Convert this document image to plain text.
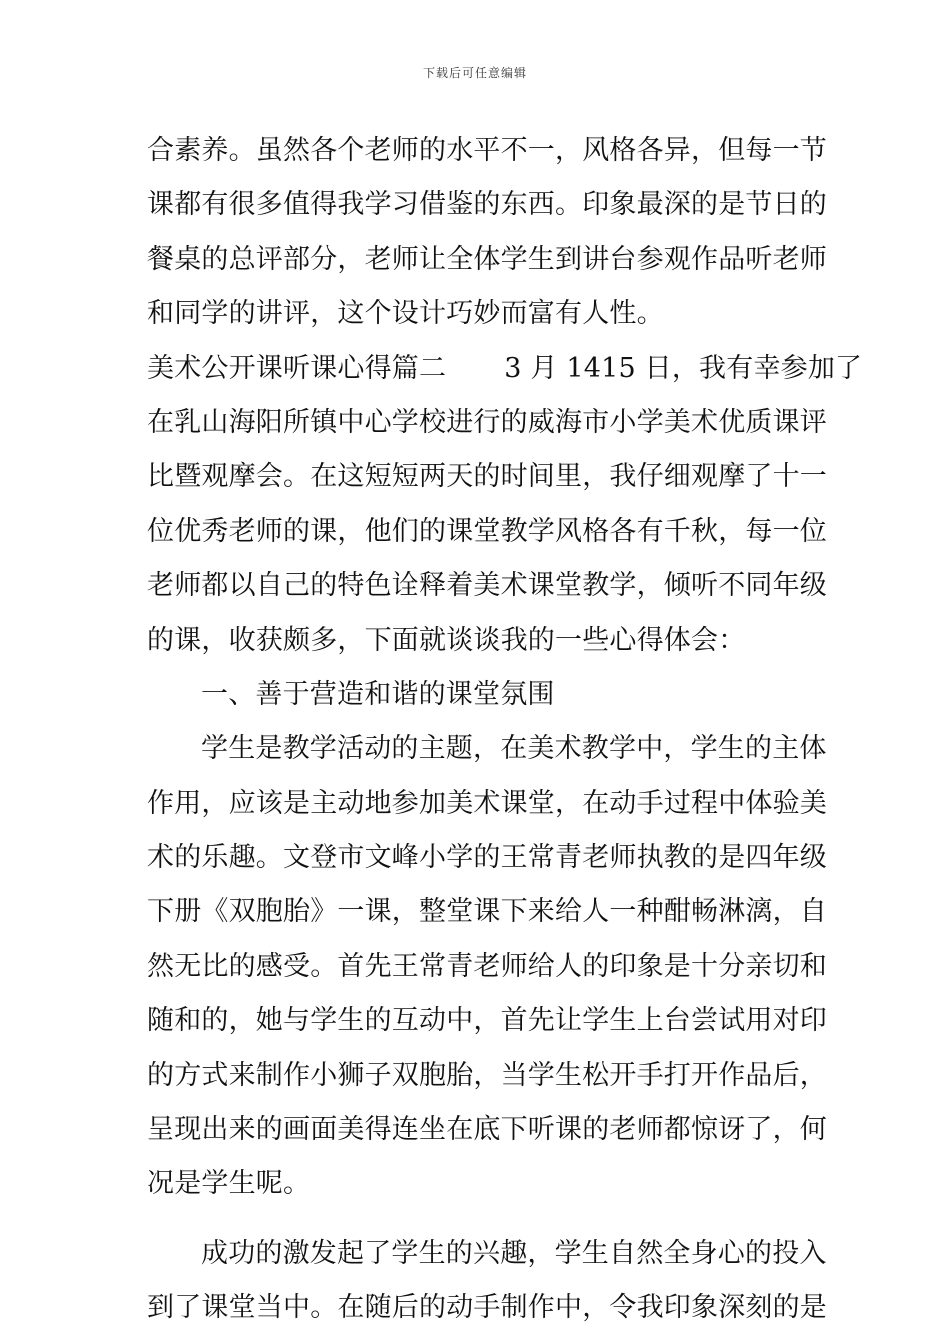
下载后可任意编辑
合素养。虽然各个老师的水平不一，风格各异，但每一节
课都有很多值得我学习借鉴的东西。印象最深的是节日的
餐桌的总评部分，老师让全体学生到讲台参观作品听老师
和同学的讲评，这个设计巧妙而富有人性。
美术公开课听课心得篇二 3 月 1415 日，我有幸参加了
在乳山海阳所镇中心学校进行的威海市小学美术优质课评
比暨观摩会。在这短短两天的时间里，我仔细观摩了十一
位优秀老师的课，他们的课堂教学风格各有千秋，每一位
老师都以自己的特色诠释着美术课堂教学，倾听不同年级
的课，收获颇多，下面就谈谈我的一些心得体会：
一、善于营造和谐的课堂氛围
学生是教学活动的主题，在美术教学中，学生的主体
作用，应该是主动地参加美术课堂，在动手过程中体验美
术的乐趣。文登市文峰小学的王常青老师执教的是四年级
下册《双胞胎》一课，整堂课下来给人一种酣畅淋漓，自
然无比的感受。首先王常青老师给人的印象是十分亲切和
随和的，她与学生的互动中，首先让学生上台尝试用对印
的方式来制作小狮子双胞胎，当学生松开手打开作品后，
呈现出来的画面美得连坐在底下听课的老师都惊讶了，何
况是学生呢。
成功的激发起了学生的兴趣，学生自然全身心的投入
到了课堂当中。在随后的动手制作中，令我印象深刻的是
